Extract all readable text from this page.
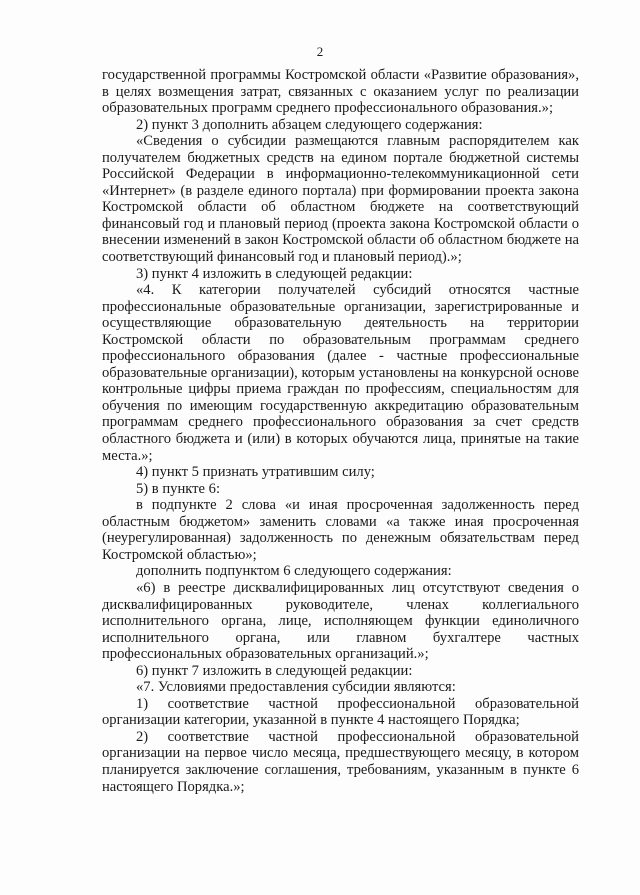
2

государственной программы Костромской области «Развитие образования», в целях возмещения затрат, связанных с оказанием услуг по реализации образовательных программ среднего профессионального образования.»;

2) пункт 3 дополнить абзацем следующего содержания:

«Сведения о субсидии размещаются главным распорядителем как получателем бюджетных средств на едином портале бюджетной системы Российской Федерации в информационно-телекоммуникационной сети «Интернет» (в разделе единого портала) при формировании проекта закона Костромской области об областном бюджете на соответствующий финансовый год и плановый период (проекта закона Костромской области о внесении изменений в закон Костромской области об областном бюджете на соответствующий финансовый год и плановый период).»;

3) пункт 4 изложить в следующей редакции:

«4. К категории получателей субсидий относятся частные профессиональные образовательные организации, зарегистрированные и осуществляющие образовательную деятельность на территории Костромской области по образовательным программам среднего профессионального образования (далее - частные профессиональные образовательные организации), которым установлены на конкурсной основе контрольные цифры приема граждан по профессиям, специальностям для обучения по имеющим государственную аккредитацию образовательным программам среднего профессионального образования за счет средств областного бюджета и (или) в которых обучаются лица, принятые на такие места.»;

4) пункт 5 признать утратившим силу;

5) в пункте 6:

в подпункте 2 слова «и иная просроченная задолженность перед областным бюджетом» заменить словами «а также иная просроченная (неурегулированная) задолженность по денежным обязательствам перед Костромской областью»;

дополнить подпунктом 6 следующего содержания:

«6) в реестре дисквалифицированных лиц отсутствуют сведения о дисквалифицированных руководителе, членах коллегиального исполнительного органа, лице, исполняющем функции единоличного исполнительного органа, или главном бухгалтере частных профессиональных образовательных организаций.»;

6) пункт 7 изложить в следующей редакции:

«7. Условиями предоставления субсидии являются:

1) соответствие частной профессиональной образовательной организации категории, указанной в пункте 4 настоящего Порядка;

2) соответствие частной профессиональной образовательной организации на первое число месяца, предшествующего месяцу, в котором планируется заключение соглашения, требованиям, указанным в пункте 6 настоящего Порядка.»;
